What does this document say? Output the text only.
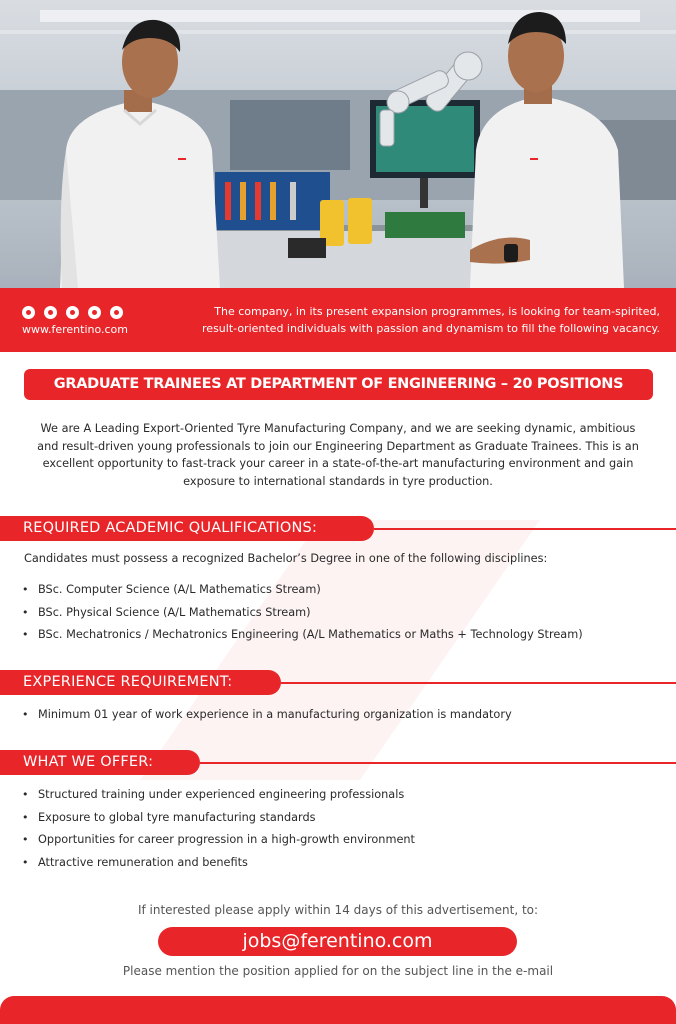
www.ferentino.com
The company, in its present expansion programmes, is looking for team-spirited,
result-oriented individuals with passion and dynamism to fill the following vacancy.
GRADUATE TRAINEES AT DEPARTMENT OF ENGINEERING – 20 POSITIONS
We are A Leading Export-Oriented Tyre Manufacturing Company, and we are seeking dynamic, ambitious
and result-driven young professionals to join our Engineering Department as Graduate Trainees. This is an
excellent opportunity to fast-track your career in a state-of-the-art manufacturing environment and gain
exposure to international standards in tyre production.
REQUIRED ACADEMIC QUALIFICATIONS:
Candidates must possess a recognized Bachelor’s Degree in one of the following disciplines:
• BSc. Computer Science (A/L Mathematics Stream)
• BSc. Physical Science (A/L Mathematics Stream)
• BSc. Mechatronics / Mechatronics Engineering (A/L Mathematics or Maths + Technology Stream)
EXPERIENCE REQUIREMENT:
• Minimum 01 year of work experience in a manufacturing organization is mandatory
WHAT WE OFFER:
• Structured training under experienced engineering professionals
• Exposure to global tyre manufacturing standards
• Opportunities for career progression in a high-growth environment
• Attractive remuneration and benefits
If interested please apply within 14 days of this advertisement, to:
jobs@ferentino.com
Please mention the position applied for on the subject line in the e-mail
